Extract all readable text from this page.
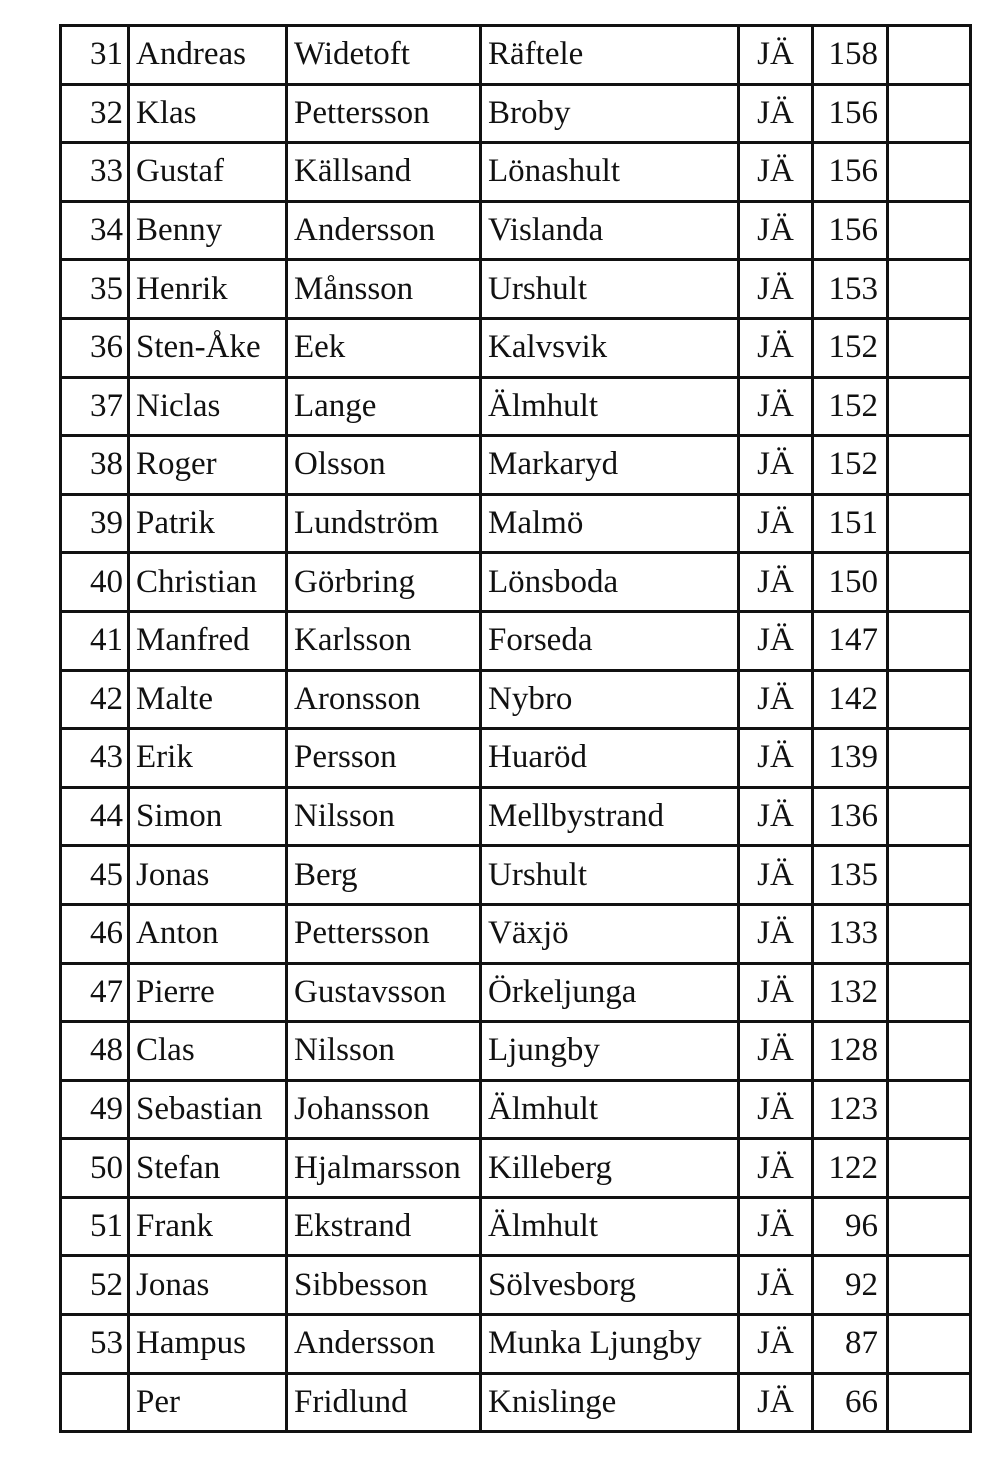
31	Andreas	Widetoft	Räftele	JÄ	158	
32	Klas	Pettersson	Broby	JÄ	156	
33	Gustaf	Källsand	Lönashult	JÄ	156	
34	Benny	Andersson	Vislanda	JÄ	156	
35	Henrik	Månsson	Urshult	JÄ	153	
36	Sten-Åke	Eek	Kalvsvik	JÄ	152	
37	Niclas	Lange	Älmhult	JÄ	152	
38	Roger	Olsson	Markaryd	JÄ	152	
39	Patrik	Lundström	Malmö	JÄ	151	
40	Christian	Görbring	Lönsboda	JÄ	150	
41	Manfred	Karlsson	Forseda	JÄ	147	
42	Malte	Aronsson	Nybro	JÄ	142	
43	Erik	Persson	Huaröd	JÄ	139	
44	Simon	Nilsson	Mellbystrand	JÄ	136	
45	Jonas	Berg	Urshult	JÄ	135	
46	Anton	Pettersson	Växjö	JÄ	133	
47	Pierre	Gustavsson	Örkeljunga	JÄ	132	
48	Clas	Nilsson	Ljungby	JÄ	128	
49	Sebastian	Johansson	Älmhult	JÄ	123	
50	Stefan	Hjalmarsson	Killeberg	JÄ	122	
51	Frank	Ekstrand	Älmhult	JÄ	96	
52	Jonas	Sibbesson	Sölvesborg	JÄ	92	
53	Hampus	Andersson	Munka Ljungby	JÄ	87	
	Per	Fridlund	Knislinge	JÄ	66	
